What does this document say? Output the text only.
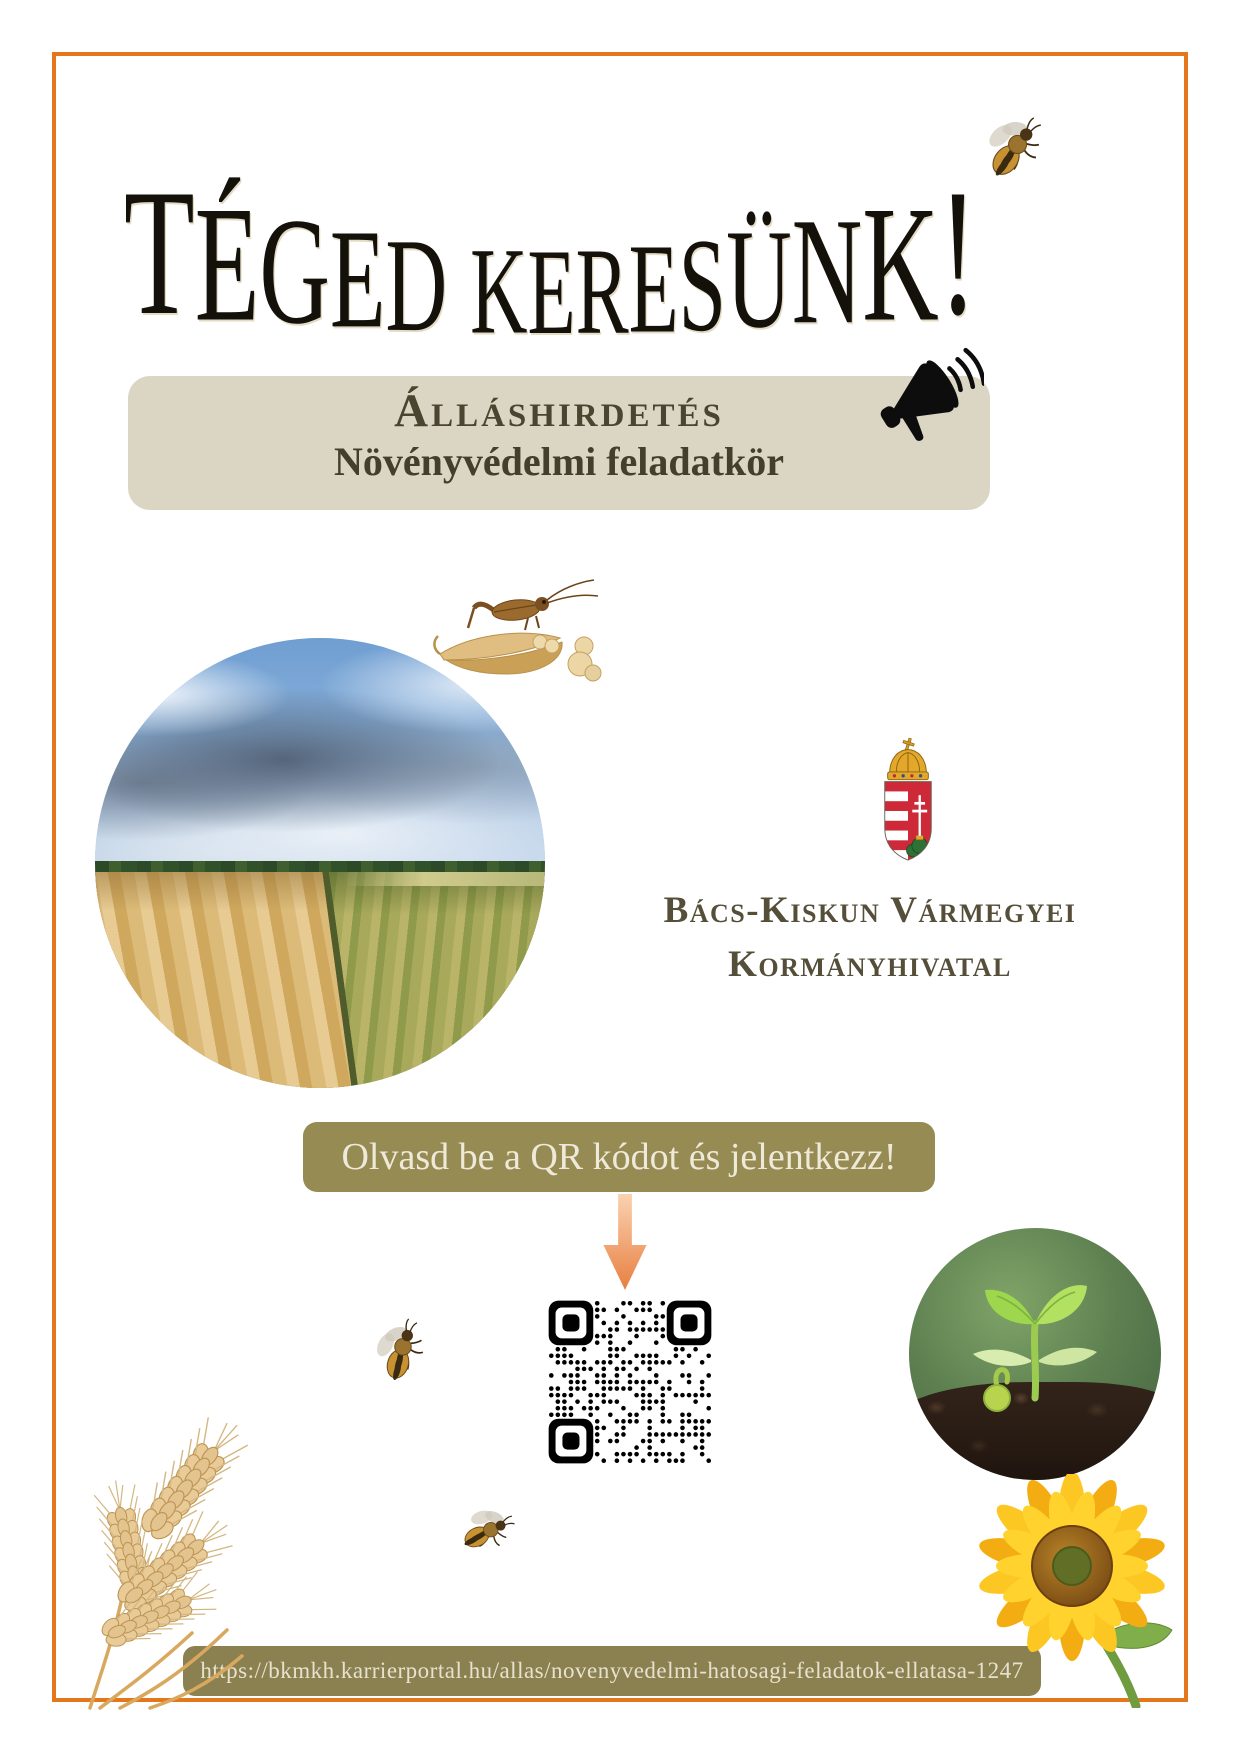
T É G E D
K E R E S Ü N K !
Álláshirdetés
Növényvédelmi feladatkör
Bács-Kiskun Vármegyei
Kormányhivatal
Olvasd be a QR kódot és jelentkezz!
https://bkmkh.karrierportal.hu/allas/novenyvedelmi-hatosagi-feladatok-ellatasa-1247
